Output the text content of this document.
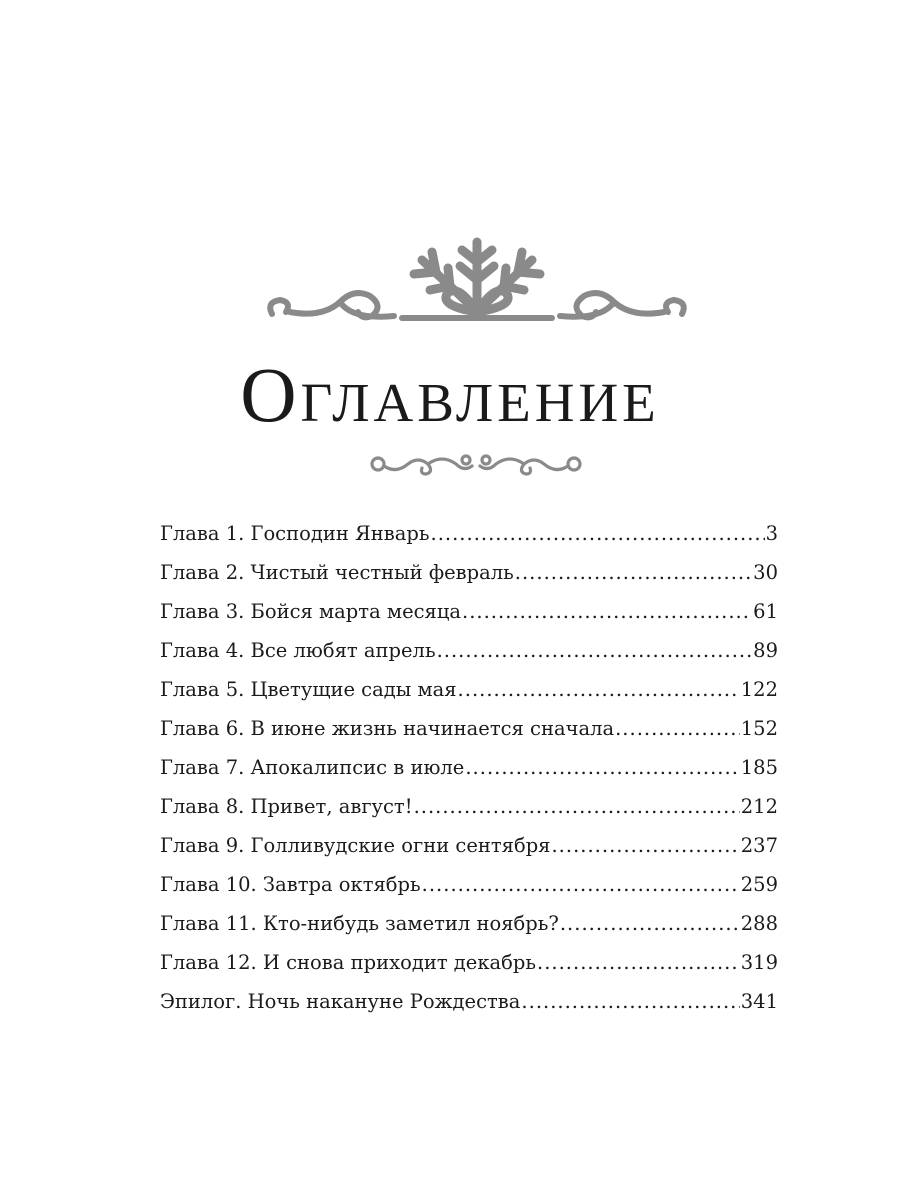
Оглавление
Глава 1. Господин Январь .....	3
Глава 2. Чистый честный февраль .....	30
Глава 3. Бойся марта месяца .....	61
Глава 4. Все любят апрель .....	89
Глава 5. Цветущие сады мая .....	122
Глава 6. В июне жизнь начинается сначала .....	152
Глава 7. Апокалипсис в июле .....	185
Глава 8. Привет, август! .....	212
Глава 9. Голливудские огни сентября .....	237
Глава 10. Завтра октябрь .....	259
Глава 11. Кто-нибудь заметил ноябрь? .....	288
Глава 12. И снова приходит декабрь .....	319
Эпилог. Ночь накануне Рождества .....	341
